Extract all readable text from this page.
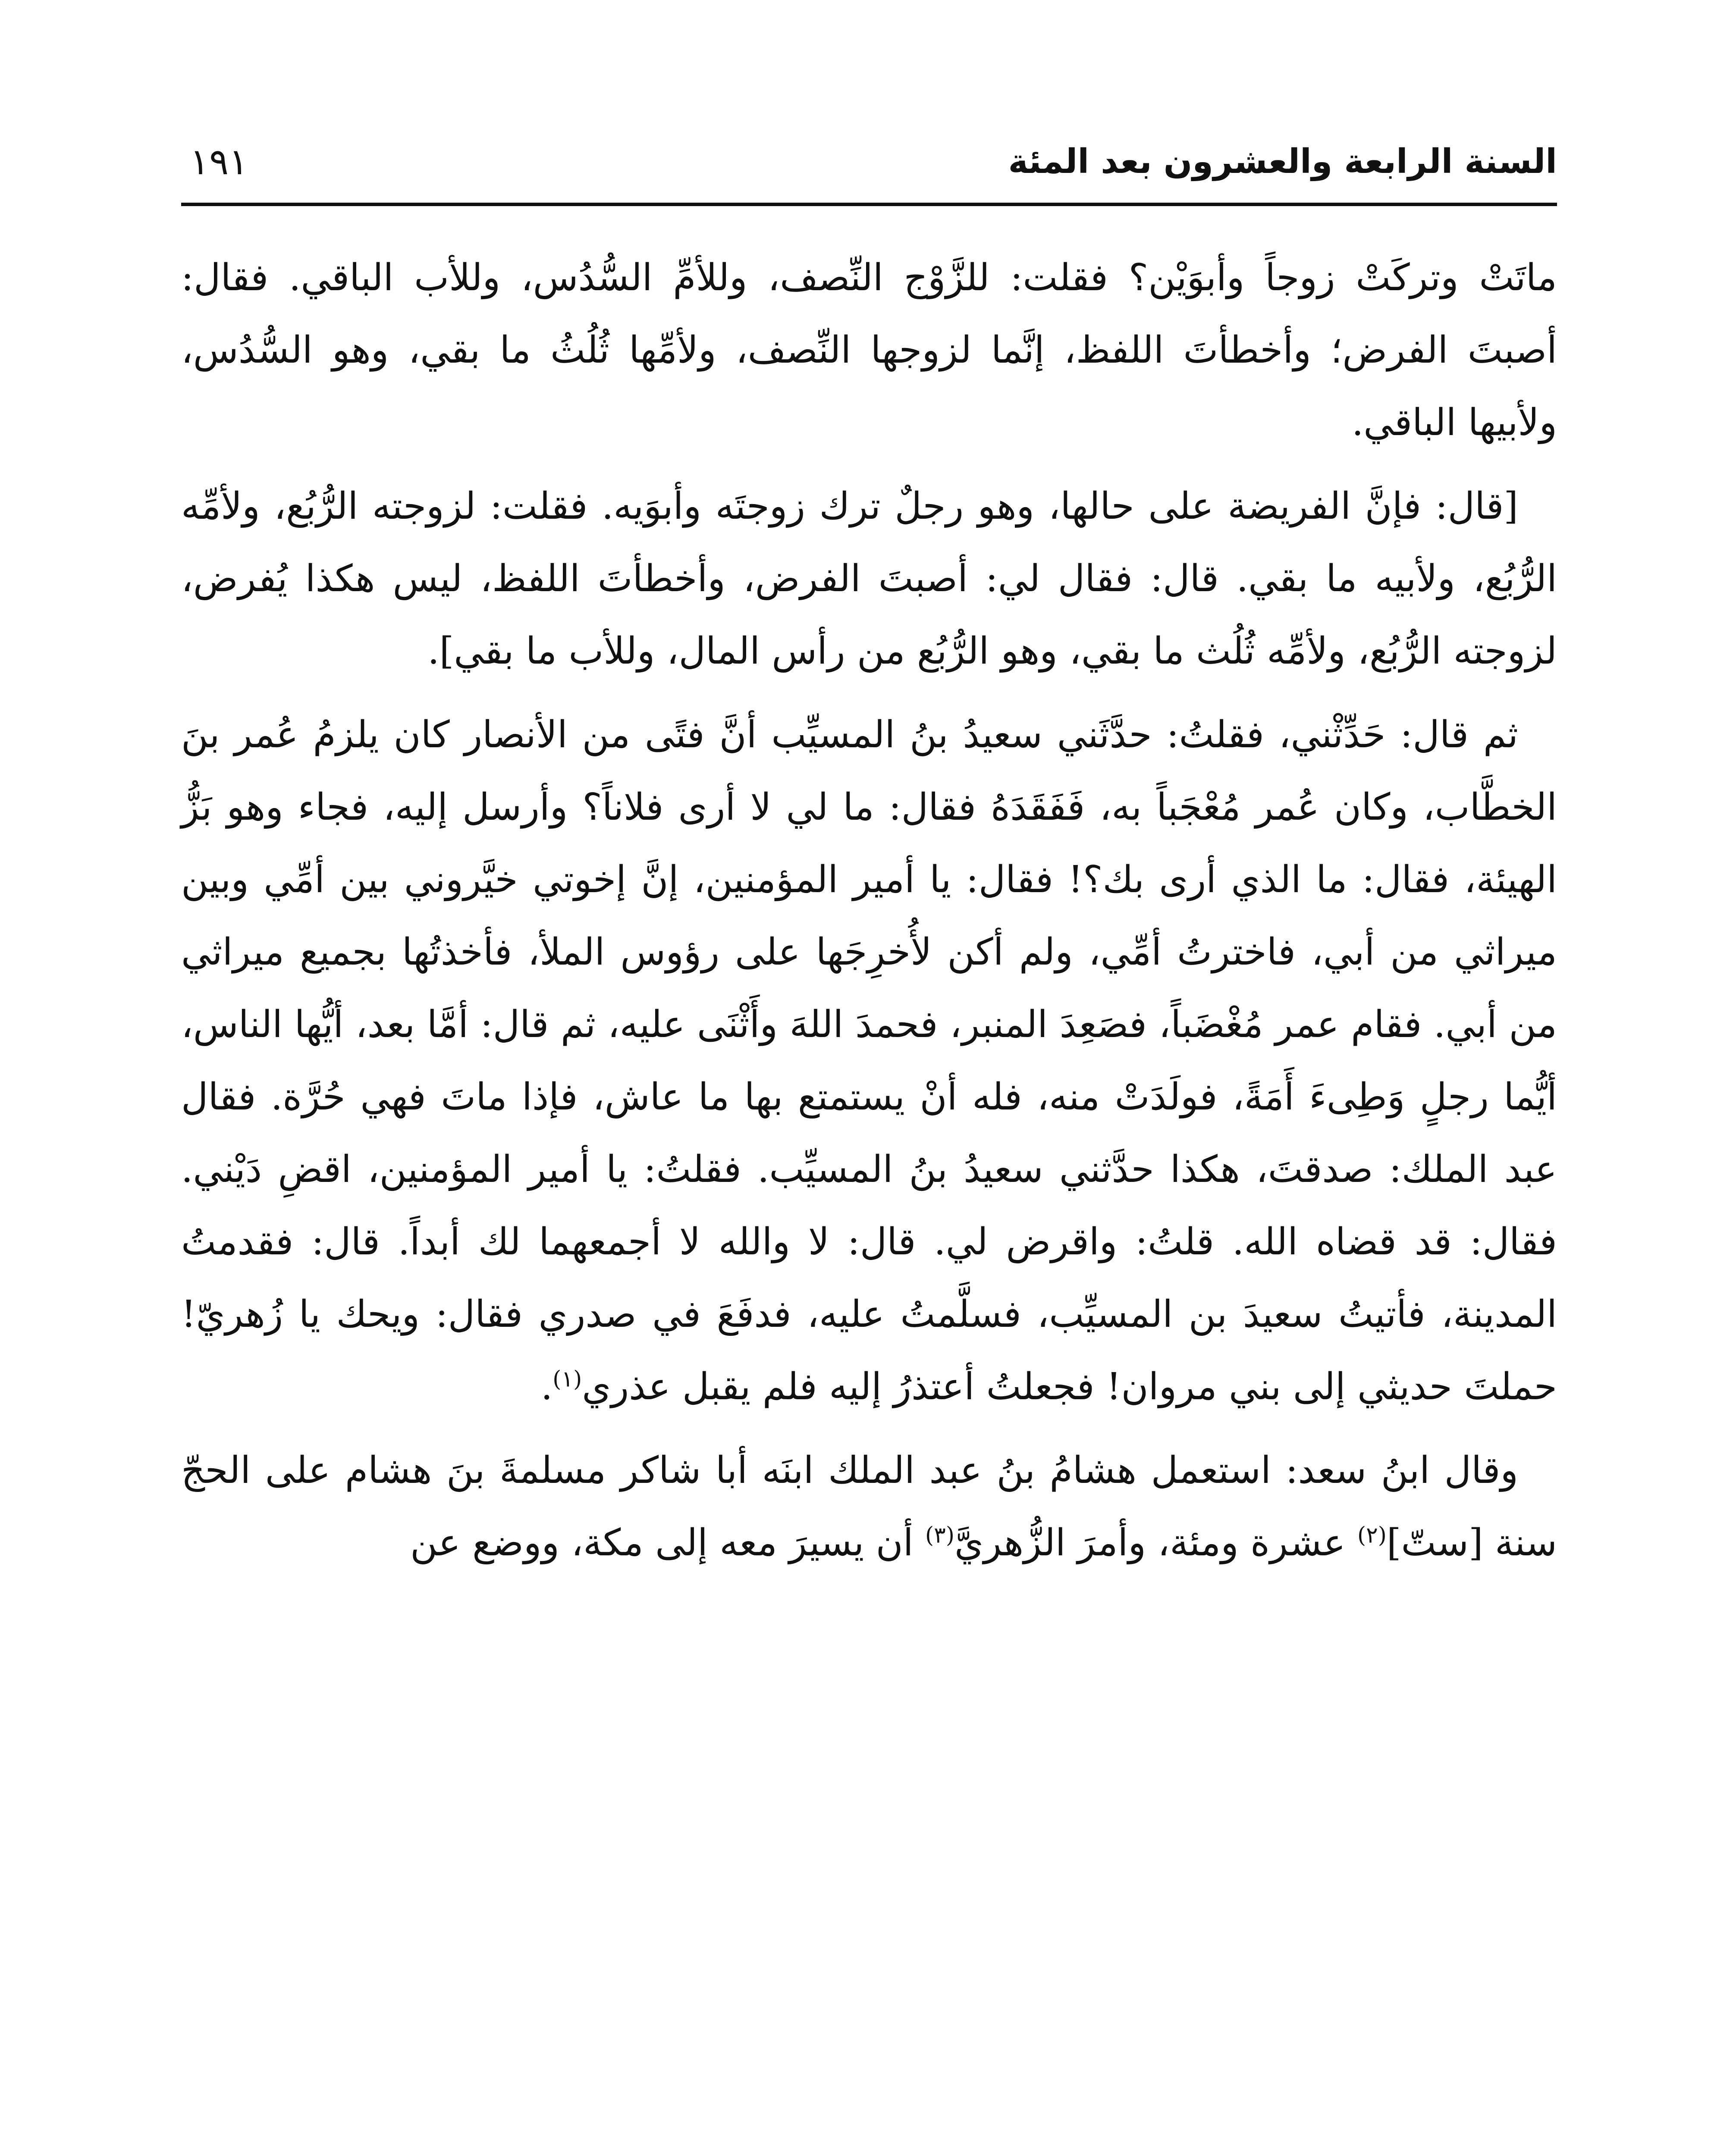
السنة الرابعة والعشرون بعد المئة
١٩١

ماتَتْ وتركَتْ زوجاً وأبوَيْن؟ فقلت: للزَّوْج النِّصف، وللأمِّ السُّدُس، وللأب الباقي. فقال: أصبتَ الفرض؛ وأخطأتَ اللفظ، إنَّما لزوجها النِّصف، ولأمِّها ثُلُثُ ما بقي، وهو السُّدُس، ولأبيها الباقي.

[قال: فإنَّ الفريضة على حالها، وهو رجلٌ ترك زوجتَه وأبوَيه. فقلت: لزوجته الرُّبُع، ولأمِّه الرُّبُع، ولأبيه ما بقي. قال: فقال لي: أصبتَ الفرض، وأخطأتَ اللفظ، ليس هكذا يُفرض، لزوجته الرُّبُع، ولأمِّه ثُلُث ما بقي، وهو الرُّبُع من رأس المال، وللأب ما بقي].

ثم قال: حَدِّثْني، فقلتُ: حدَّثَني سعيدُ بنُ المسيِّب أنَّ فتًى من الأنصار كان يلزمُ عُمر بنَ الخطَّاب، وكان عُمر مُعْجَباً به، فَفَقَدَهُ فقال: ما لي لا أرى فلاناً؟ وأرسل إليه، فجاء وهو بَزُّ الهيئة، فقال: ما الذي أرى بك؟! فقال: يا أمير المؤمنين، إنَّ إخوتي خيَّروني بين أمِّي وبين ميراثي من أبي، فاخترتُ أمِّي، ولم أكن لأُخرِجَها على رؤوس الملأ، فأخذتُها بجميع ميراثي من أبي. فقام عمر مُغْضَباً، فصَعِدَ المنبر، فحمدَ اللهَ وأَثْنَى عليه، ثم قال: أمَّا بعد، أيُّها الناس، أيُّما رجلٍ وَطِىءَ أَمَةً، فولَدَتْ منه، فله أنْ يستمتع بها ما عاش، فإذا ماتَ فهي حُرَّة. فقال عبد الملك: صدقتَ، هكذا حدَّثني سعيدُ بنُ المسيِّب. فقلتُ: يا أمير المؤمنين، اقضِ دَيْني. فقال: قد قضاه الله. قلتُ: واقرض لي. قال: لا والله لا أجمعهما لك أبداً. قال: فقدمتُ المدينة، فأتيتُ سعيدَ بن المسيِّب، فسلَّمتُ عليه، فدفَعَ في صدري فقال: ويحك يا زُهريّ! حملتَ حديثي إلى بني مروان! فجعلتُ أعتذرُ إليه فلم يقبل عذري$^{(١)}$.

وقال ابنُ سعد: استعمل هشامُ بنُ عبد الملك ابنَه أبا شاكر مسلمةَ بنَ هشام على الحجّ سنة [ستّ]$^{(٢)}$ عشرة ومئة، وأمرَ الزُّهريَّ$^{(٣)}$ أن يسيرَ معه إلى مكة، ووضع عن
